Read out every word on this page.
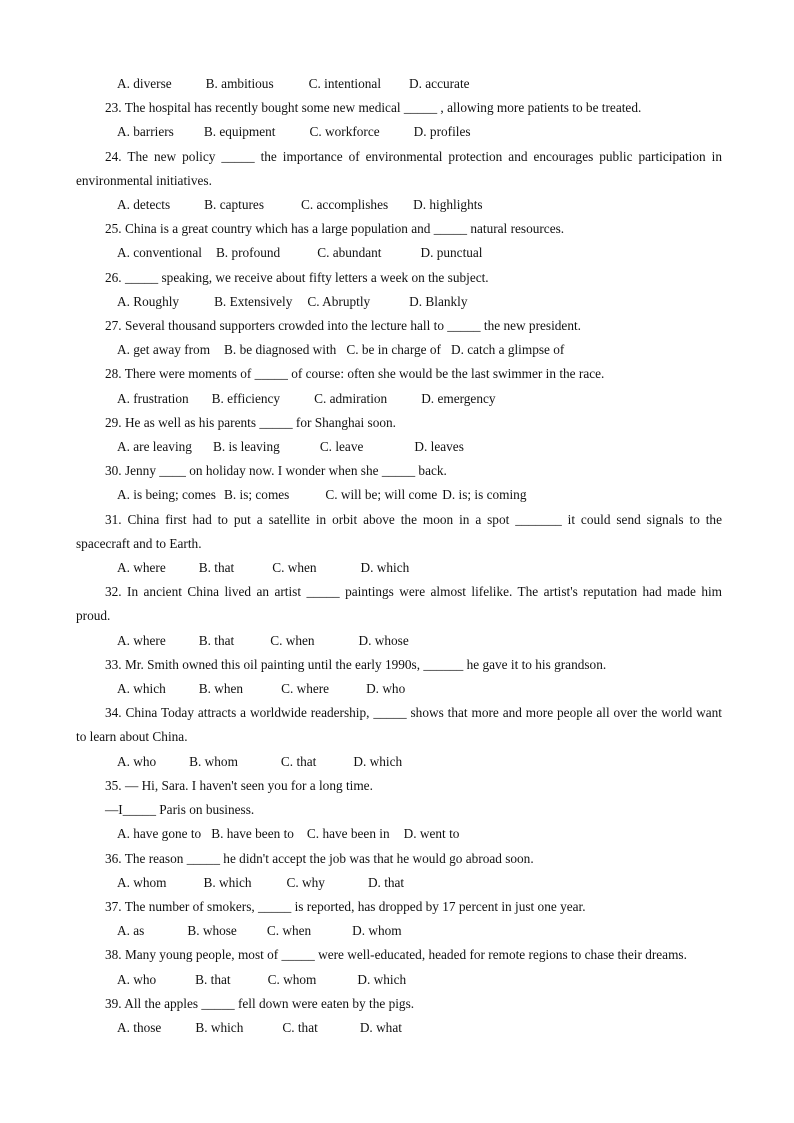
A. diverse	B. ambitious	C. intentional D. accurate
23. The hospital has recently bought some new medical _____ , allowing more patients to be treated.
A. barriers B. equipment	C. workforce	D. profiles
24. The new policy _____ the importance of environmental protection and encourages public participation in environmental initiatives.
A. detects	B. captures	C. accomplishes D. highlights
25. China is a great country which has a large population and _____ natural resources.
A. conventional B. profound	C. abundant	D. punctual
26. _____ speaking, we receive about fifty letters a week on the subject.
A. Roughly	B. Extensively C. Abruptly	D. Blankly
27. Several thousand supporters crowded into the lecture hall to _____ the new president.
A. get away from B. be diagnosed with C. be in charge of D. catch a glimpse of
28. There were moments of _____ of course: often she would be the last swimmer in the race.
A. frustration B. efficiency	C. admiration	D. emergency
29. He as well as his parents _____ for Shanghai soon.
A. are leaving B. is leaving	C. leave	D. leaves
30. Jenny ____ on holiday now. I wonder when she _____ back.
A. is being; comes B. is; comes	C. will be; will come D. is; is coming
31. China first had to put a satellite in orbit above the moon in a spot _______ it could send signals to the spacecraft and to Earth.
A. where B. that	C. when	D. which
32. In ancient China lived an artist _____ paintings were almost lifelike. The artist's reputation had made him proud.
A. where B. that	C. when	D. whose
33. Mr. Smith owned this oil painting until the early 1990s, ______ he gave it to his grandson.
A. which B. when	C. where	D. who
34. China Today attracts a worldwide readership, _____ shows that more and more people all over the world want to learn about China.
A. who B. whom	C. that	D. which
35. — Hi, Sara. I haven't seen you for a long time.
—I_____ Paris on business.
A. have gone to B. have been to C. have been in D. went to
36. The reason _____ he didn't accept the job was that he would go abroad soon.
A. whom	B. which	C. why	D. that
37. The number of smokers, _____ is reported, has dropped by 17 percent in just one year.
A. as	B. whose C. when	D. whom
38. Many young people, most of _____ were well-educated, headed for remote regions to chase their dreams.
A. who	B. that	C. whom	D. which
39. All the apples _____ fell down were eaten by the pigs.
A. those	B. which	C. that	D. what
